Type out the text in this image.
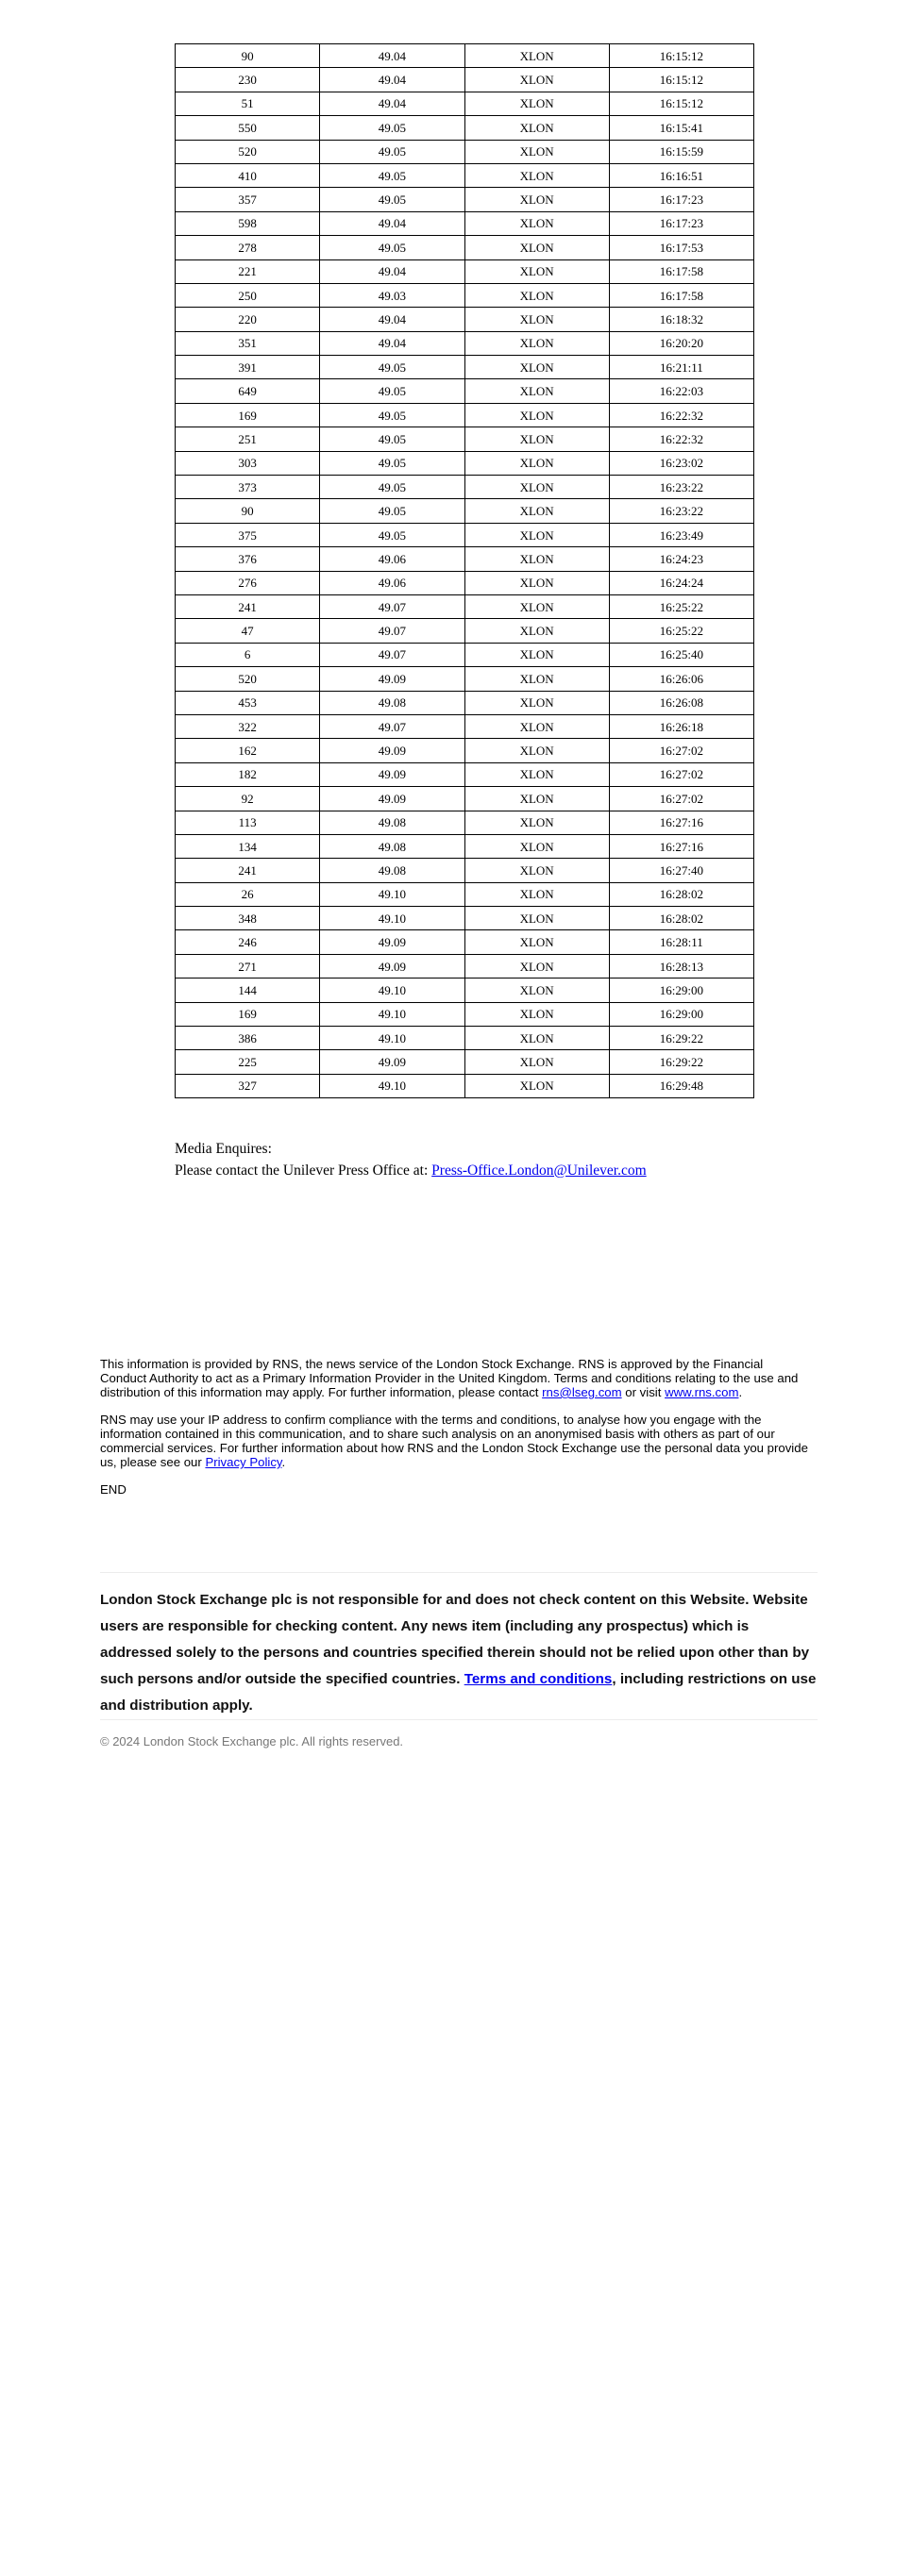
90	49.04	XLON	16:15:12
230	49.04	XLON	16:15:12
51	49.04	XLON	16:15:12
550	49.05	XLON	16:15:41
520	49.05	XLON	16:15:59
410	49.05	XLON	16:16:51
357	49.05	XLON	16:17:23
598	49.04	XLON	16:17:23
278	49.05	XLON	16:17:53
221	49.04	XLON	16:17:58
250	49.03	XLON	16:17:58
220	49.04	XLON	16:18:32
351	49.04	XLON	16:20:20
391	49.05	XLON	16:21:11
649	49.05	XLON	16:22:03
169	49.05	XLON	16:22:32
251	49.05	XLON	16:22:32
303	49.05	XLON	16:23:02
373	49.05	XLON	16:23:22
90	49.05	XLON	16:23:22
375	49.05	XLON	16:23:49
376	49.06	XLON	16:24:23
276	49.06	XLON	16:24:24
241	49.07	XLON	16:25:22
47	49.07	XLON	16:25:22
6	49.07	XLON	16:25:40
520	49.09	XLON	16:26:06
453	49.08	XLON	16:26:08
322	49.07	XLON	16:26:18
162	49.09	XLON	16:27:02
182	49.09	XLON	16:27:02
92	49.09	XLON	16:27:02
113	49.08	XLON	16:27:16
134	49.08	XLON	16:27:16
241	49.08	XLON	16:27:40
26	49.10	XLON	16:28:02
348	49.10	XLON	16:28:02
246	49.09	XLON	16:28:11
271	49.09	XLON	16:28:13
144	49.10	XLON	16:29:00
169	49.10	XLON	16:29:00
386	49.10	XLON	16:29:22
225	49.09	XLON	16:29:22
327	49.10	XLON	16:29:48
Media Enquires:
Please contact the Unilever Press Office at: Press-Office.London@Unilever.com

This information is provided by RNS, the news service of the London Stock Exchange. RNS is approved by the Financial Conduct Authority to act as a Primary Information Provider in the United Kingdom. Terms and conditions relating to the use and distribution of this information may apply. For further information, please contact rns@lseg.com or visit www.rns.com.

RNS may use your IP address to confirm compliance with the terms and conditions, to analyse how you engage with the information contained in this communication, and to share such analysis on an anonymised basis with others as part of our commercial services. For further information about how RNS and the London Stock Exchange use the personal data you provide us, please see our Privacy Policy.

END

London Stock Exchange plc is not responsible for and does not check content on this Website. Website users are responsible for checking content. Any news item (including any prospectus) which is addressed solely to the persons and countries specified therein should not be relied upon other than by such persons and/or outside the specified countries. Terms and conditions, including restrictions on use and distribution apply.
© 2024 London Stock Exchange plc. All rights reserved.
